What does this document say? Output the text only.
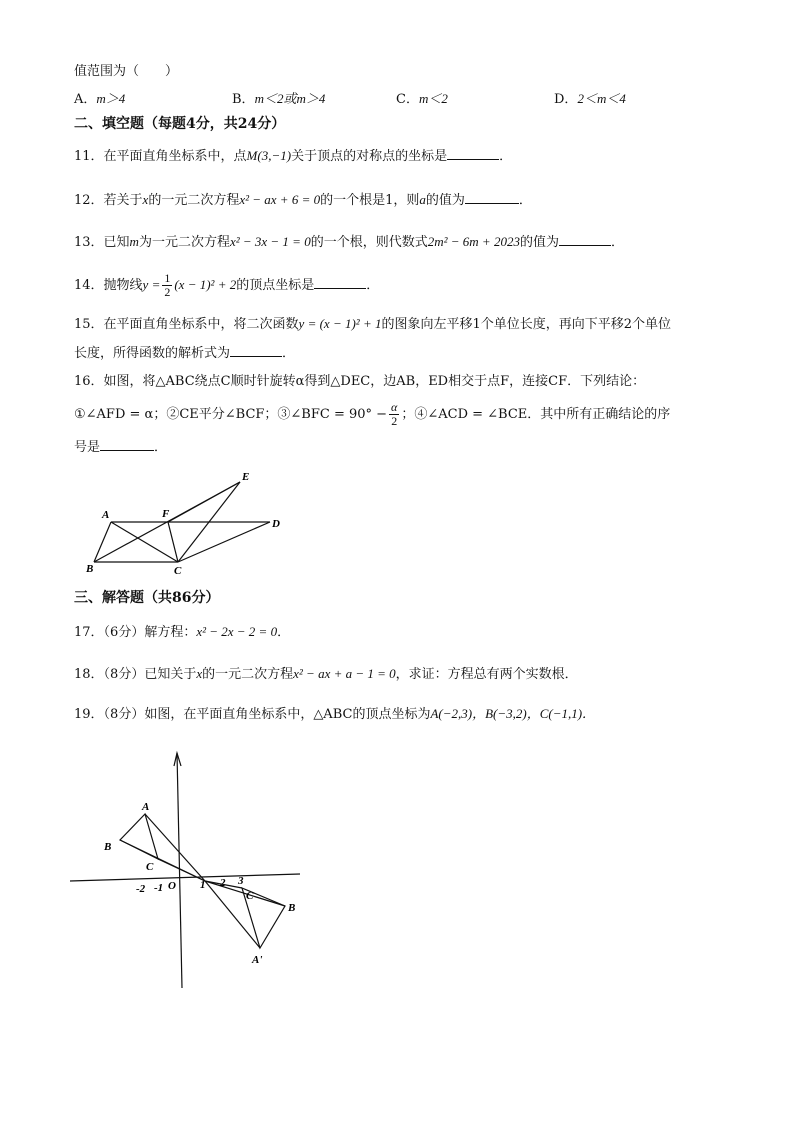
值范围为（　　）
A．m＞4	B．m＜2或m＞4	C．m＜2	D．2＜m＜4
二、填空题（每题4分，共24分）
11．在平面直角坐标系中，点M(3,−1)关于顶点的对称点的坐标是	．
12．若关于x的一元二次方程x² − ax + 6 = 0的一个根是1，则a的值为	．
13．已知m为一元二次方程x² − 3x − 1 = 0的一个根，则代数式2m² − 6m + 2023的值为	．
14．抛物线$y = \frac{1}{2} (x - 1)^2 + 2$的顶点坐标是	．
15．在平面直角坐标系中，将二次函数y = (x − 1)² + 1的图象向左平移1个单位长度，再向下平移2个单位
长度，所得函数的解析式为	．
16．如图，将△ABC绕点C顺时针旋转α得到△DEC，边AB，ED相交于点F，连接CF．下列结论：
①∠AFD = α；②CE平分∠BCF；③∠BFC = $90^\circ - \frac{\alpha}{2}$ ；④∠ACD = ∠BCE．其中所有正确结论的序
号是	．
F
D
B	C
E
A
三、解答题（共86分）
17．（6分）解方程：x² − 2x − 2 = 0．
18．（8分）已知关于x的一元二次方程x² − ax + a − 1 = 0，求证：方程总有两个实数根．
19．（8分）如图，在平面直角坐标系中，△ABC的顶点坐标为A(−2,3)，B(−3,2)，C(−1,1)．
A
B
C
O 1 2 3
-1
-2
C
B
A'
